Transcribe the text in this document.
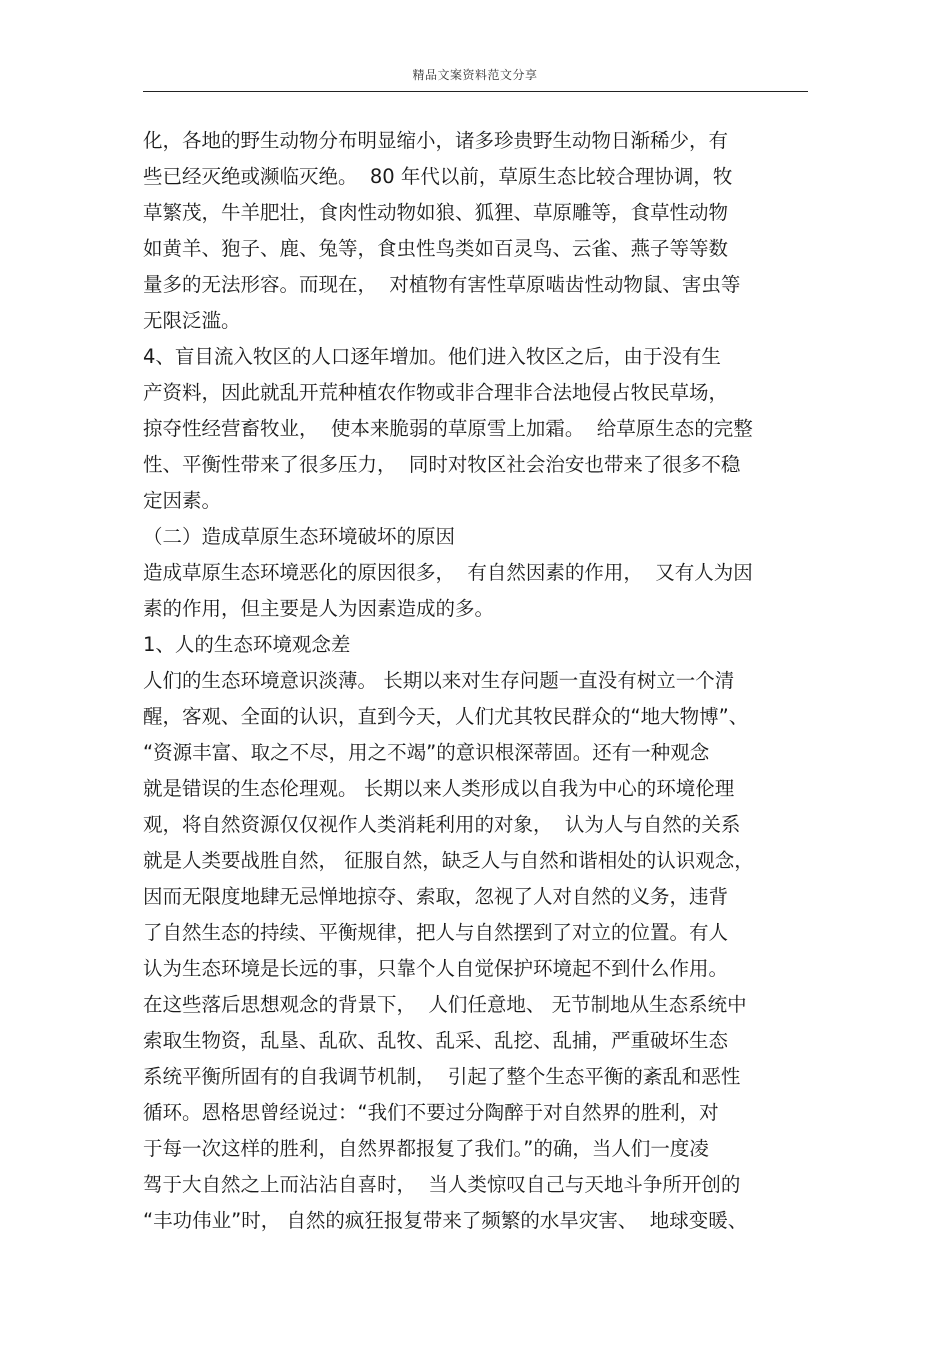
精品文案资料范文分享
化，各地的野生动物分布明显缩小，诸多珍贵野生动物日渐稀少，有
些已经灭绝或濒临灭绝。  80 年代以前，草原生态比较合理协调，牧
草繁茂，牛羊肥壮，食肉性动物如狼、狐狸、草原雕等，食草性动物
如黄羊、狍子、鹿、兔等，食虫性鸟类如百灵鸟、云雀、燕子等等数
量多的无法形容。而现在，  对植物有害性草原啮齿性动物鼠、害虫等
无限泛滥。
4、盲目流入牧区的人口逐年增加。他们进入牧区之后，由于没有生
产资料，因此就乱开荒种植农作物或非合理非合法地侵占牧民草场，
掠夺性经营畜牧业，  使本来脆弱的草原雪上加霜。  给草原生态的完整
性、平衡性带来了很多压力，  同时对牧区社会治安也带来了很多不稳
定因素。
（二）造成草原生态环境破坏的原因
造成草原生态环境恶化的原因很多，  有自然因素的作用，  又有人为因
素的作用，但主要是人为因素造成的多。
1、人的生态环境观念差
人们的生态环境意识淡薄。 长期以来对生存问题一直没有树立一个清
醒，客观、全面的认识，直到今天，人们尤其牧民群众的“地大物博”、
“资源丰富、取之不尽，用之不竭”的意识根深蒂固。还有一种观念
就是错误的生态伦理观。 长期以来人类形成以自我为中心的环境伦理
观，将自然资源仅仅视作人类消耗利用的对象，  认为人与自然的关系
就是人类要战胜自然， 征服自然，缺乏人与自然和谐相处的认识观念，
因而无限度地肆无忌惮地掠夺、索取，忽视了人对自然的义务，违背
了自然生态的持续、平衡规律，把人与自然摆到了对立的位置。有人
认为生态环境是长远的事，只靠个人自觉保护环境起不到什么作用。
在这些落后思想观念的背景下，  人们任意地、 无节制地从生态系统中
索取生物资，乱垦、乱砍、乱牧、乱采、乱挖、乱捕，严重破坏生态
系统平衡所固有的自我调节机制，  引起了整个生态平衡的紊乱和恶性
循环。恩格思曾经说过：“我们不要过分陶醉于对自然界的胜利，对
于每一次这样的胜利，自然界都报复了我们。”的确，当人们一度凌
驾于大自然之上而沾沾自喜时，  当人类惊叹自己与天地斗争所开创的
“丰功伟业”时， 自然的疯狂报复带来了频繁的水旱灾害、  地球变暖、
